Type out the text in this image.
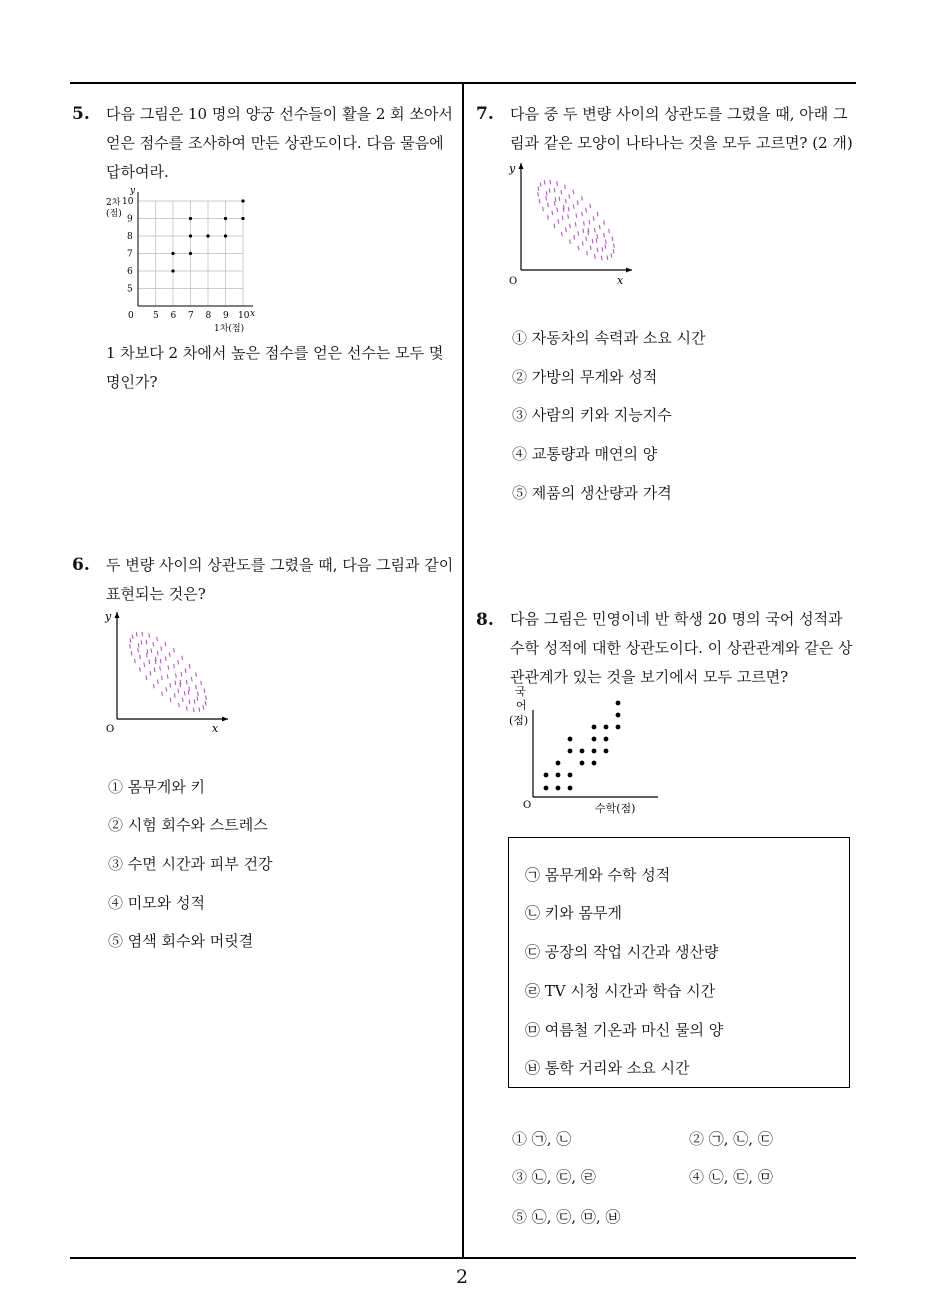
2
5. 다음 그림은 10 명의 양궁 선수들이 활을 2 회 쏘아서
얻은 점수를 조사하여 만든 상관도이다. 다음 물음에
답하여라.
y
2차
(점)
x
0
1차(점)
5 6 7 8 9 10
5
6
7
8
9
10
1 차보다 2 차에서 높은 점수를 얻은 선수는 모두 몇
명인가?
6. 두 변량 사이의 상관도를 그렸을 때, 다음 그림과 같이
표현되는 것은?
y
x
O
① 몸무게와 키
② 시험 회수와 스트레스
③ 수면 시간과 피부 건강
④ 미모와 성적
⑤ 염색 회수와 머릿결
7. 다음 중 두 변량 사이의 상관도를 그렸을 때, 아래 그
림과 같은 모양이 나타나는 것을 모두 고르면? (2 개)
y
x
O
① 자동차의 속력과 소요 시간
② 가방의 무게와 성적
③ 사람의 키와 지능지수
④ 교통량과 매연의 양
⑤ 제품의 생산량과 가격
8. 다음 그림은 민영이네 반 학생 20 명의 국어 성적과
수학 성적에 대한 상관도이다. 이 상관관계와 같은 상
관관계가 있는 것을 보기에서 모두 고르면?
국
어
(점)
O	수학(점)
㉠ 몸무게와 수학 성적
㉡ 키와 몸무게
㉢ 공장의 작업 시간과 생산량
㉣ TV 시청 시간과 학습 시간
㉤ 여름철 기온과 마신 물의 양
㉥ 통학 거리와 소요 시간
① ㉠, ㉡	② ㉠, ㉡, ㉢
③ ㉡, ㉢, ㉣	④ ㉡, ㉢, ㉤
⑤ ㉡, ㉢, ㉤, ㉥
